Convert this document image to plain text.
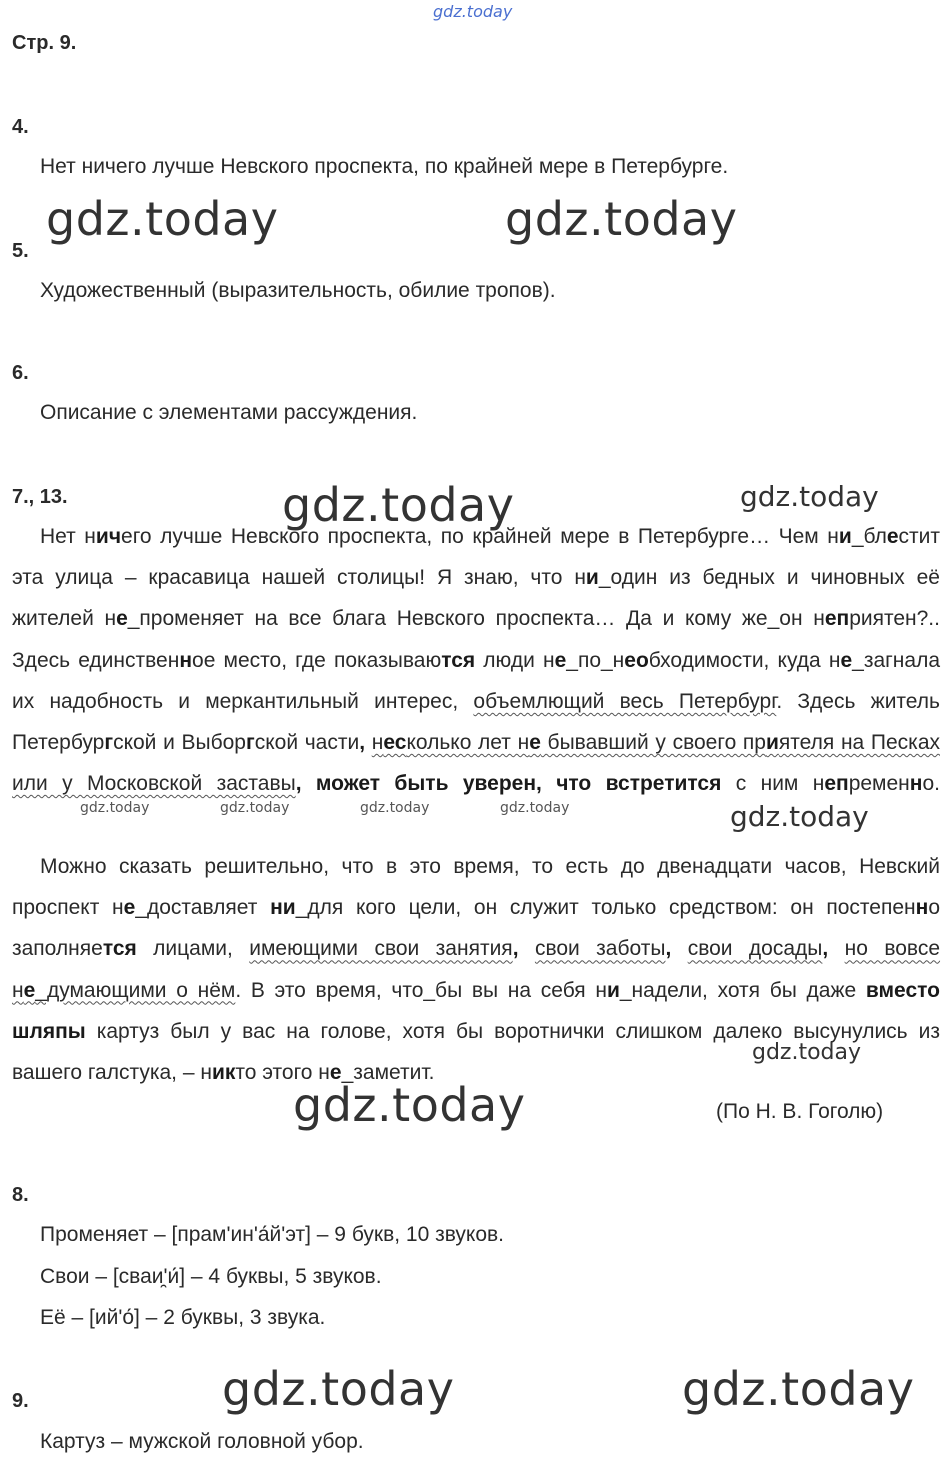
gdz.today
Стр. 9.
4.
Нет ничего лучше Невского проспекта, по крайней мере в Петербурге.
gdz.today	gdz.today
5.
Художественный (выразительность, обилие тропов).
6.
Описание с элементами рассуждения.
7., 13.	gdz.today	gdz.today
Нет ничего лучше Невского проспекта, по крайней мере в Петербурге… Чем ни_блестит эта улица – красавица нашей столицы! Я знаю, что ни_один из бедных и чиновных её жителей не_променяет на все блага Невского проспекта… Да и кому же_он неприятен?.. Здесь единственное место, где показываются люди не_по_необходимости, куда не_загнала их надобность и меркантильный интерес, объемлющий весь Петербург. Здесь житель Петербургской и Выборгской части, несколько лет не бывавший у своего приятеля на Песках или у Московской заставы, может быть уверен, что встретится с ним непременно.
gdz.today	gdz.today	gdz.today	gdz.today	gdz.today
Можно сказать решительно, что в это время, то есть до двенадцати часов, Невский проспект не_доставляет ни_для кого цели, он служит только средством: он постепенно заполняется лицами, имеющими свои занятия, свои заботы, свои досады, но вовсе не_думающими о нём. В это время, что_бы вы на себя ни_надели, хотя бы даже вместо шляпы картуз был у вас на голове, хотя бы воротнички слишком далеко высунулись из вашего галстука, – никто этого не_заметит.
gdz.today
gdz.today	(По Н. В. Гоголю)
8.
Променяет – [прам'ин'а́й'эт] – 9 букв, 10 звуков.
Свои – [сваи̯'и́] – 4 буквы, 5 звуков.
Её – [ий'о́] – 2 буквы, 3 звука.
gdz.today	gdz.today
9.
Картуз – мужской головной убор.
